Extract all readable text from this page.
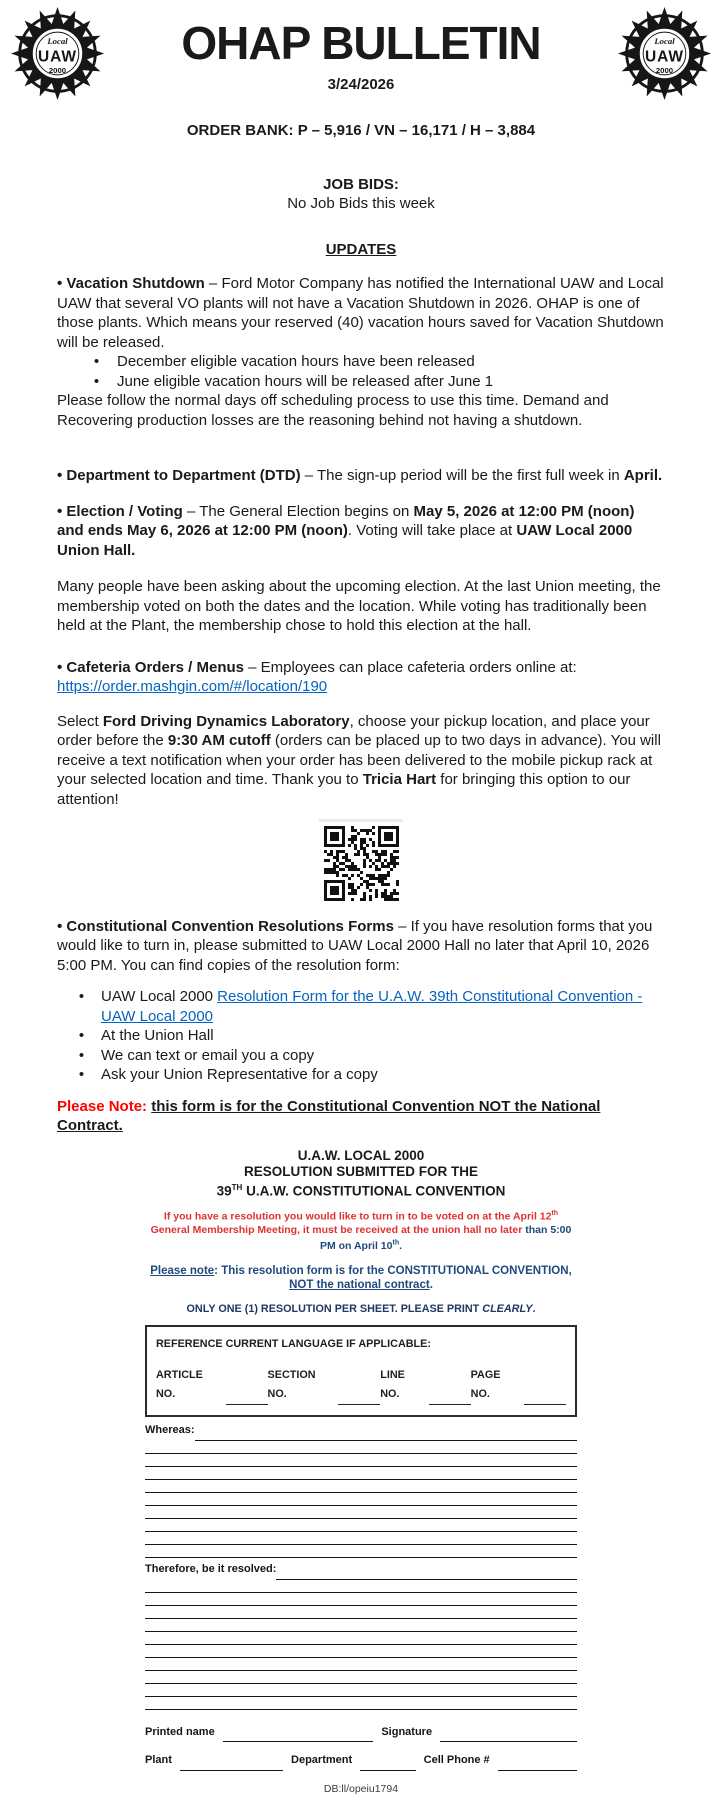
Local
UAW
2000
OHAP BULLETIN
3/24/2026
Local
UAW
2000
ORDER BANK: P – 5,916 / VN – 16,171 / H – 3,884
JOB BIDS:
No Job Bids this week
UPDATES

• Vacation Shutdown – Ford Motor Company has notified the International UAW and Local UAW that several VO plants will not have a Vacation Shutdown in 2026. OHAP is one of those plants. Which means your reserved (40) vacation hours saved for Vacation Shutdown will be released.

•	December eligible vacation hours have been released
•	June eligible vacation hours will be released after June 1
Please follow the normal days off scheduling process to use this time. Demand and Recovering production losses are the reasoning behind not having a shutdown.

• Department to Department (DTD) – The sign-up period will be the first full week in April.

• Election / Voting – The General Election begins on May 5, 2026 at 12:00 PM (noon) and ends May 6, 2026 at 12:00 PM (noon). Voting will take place at UAW Local 2000 Union Hall.

Many people have been asking about the upcoming election. At the last Union meeting, the membership voted on both the dates and the location. While voting has traditionally been held at the Plant, the membership chose to hold this election at the hall.

• Cafeteria Orders / Menus – Employees can place cafeteria orders online at:

https://order.mashgin.com/#/location/190

Select Ford Driving Dynamics Laboratory, choose your pickup location, and place your order before the 9:30 AM cutoff (orders can be placed up to two days in advance). You will receive a text notification when your order has been delivered to the mobile pickup rack at your selected location and time. Thank you to Tricia Hart for bringing this option to our attention!

• Constitutional Convention Resolutions Forms – If you have resolution forms that you would like to turn in, please submitted to UAW Local 2000 Hall no later that April 10, 2026 5:00 PM. You can find copies of the resolution form:

•	UAW Local 2000 Resolution Form for the U.A.W. 39th Constitutional Convention - UAW Local 2000
•	At the Union Hall
•	We can text or email you a copy
•	Ask your Union Representative for a copy
Please Note: this form is for the Constitutional Convention NOT the National Contract.
U.A.W. LOCAL 2000
RESOLUTION SUBMITTED FOR THE
39TH U.A.W. CONSTITUTIONAL CONVENTION
If you have a resolution you would like to turn in to be voted on at the April 12th General Membership Meeting, it must be received at the union hall no later than 5:00 PM on April 10th.
Please note: This resolution form is for the CONSTITUTIONAL CONVENTION,
NOT the national contract.
ONLY ONE (1) RESOLUTION PER SHEET. PLEASE PRINT CLEARLY.
REFERENCE CURRENT LANGUAGE IF APPLICABLE:
ARTICLE NO.
SECTION NO.
LINE NO.
PAGE NO.
Whereas:
Therefore, be it resolved:
Printed name	Signature
Plant	Department	Cell Phone #
DB:ll/opeiu1794
